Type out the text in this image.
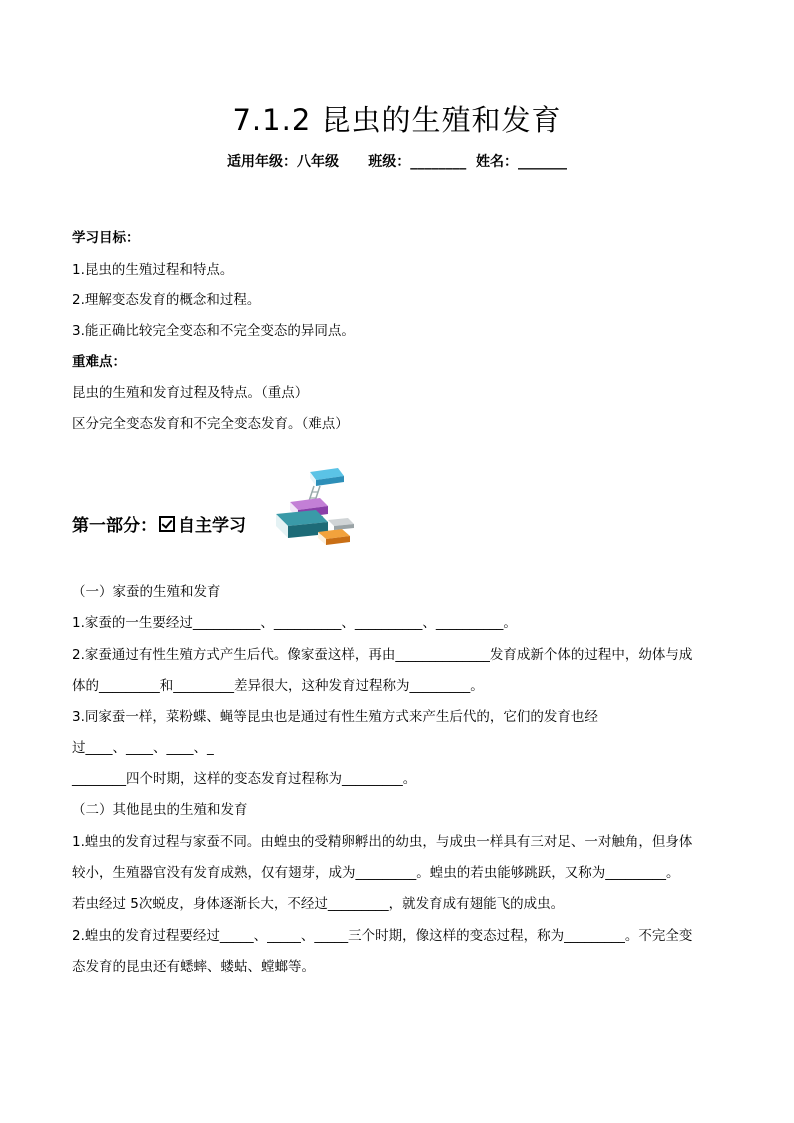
7.1.2 昆虫的生殖和发育
适用年级：八年级      班级：________  姓名：_______
学习目标：
1.昆虫的生殖过程和特点。
2.理解变态发育的概念和过程。
3.能正确比较完全变态和不完全变态的异同点。
重难点：
昆虫的生殖和发育过程及特点。（重点）
区分完全变态发育和不完全变态发育。（难点）
第一部分： 自主学习
（一）家蚕的生殖和发育
1.家蚕的一生要经过__________、__________、__________、__________。
2.家蚕通过有性生殖方式产生后代。像家蚕这样，再由______________发育成新个体的过程中，幼体与成
体的_________和_________差异很大，这种发育过程称为_________。
3.同家蚕一样，菜粉蝶、蝇等昆虫也是通过有性生殖方式来产生后代的，它们的发育也经
过____、____、____、_
________四个时期，这样的变态发育过程称为_________。
（二）其他昆虫的生殖和发育
1.蝗虫的发育过程与家蚕不同。由蝗虫的受精卵孵出的幼虫，与成虫一样具有三对足、一对触角，但身体
较小，生殖器官没有发育成熟，仅有翅芽，成为_________。蝗虫的若虫能够跳跃，又称为_________。
若虫经过 5次蜕皮，身体逐渐长大，不经过_________，就发育成有翅能飞的成虫。
2.蝗虫的发育过程要经过_____、_____、_____三个时期，像这样的变态过程，称为_________。不完全变
态发育的昆虫还有蟋蟀、蝼蛄、螳螂等。
